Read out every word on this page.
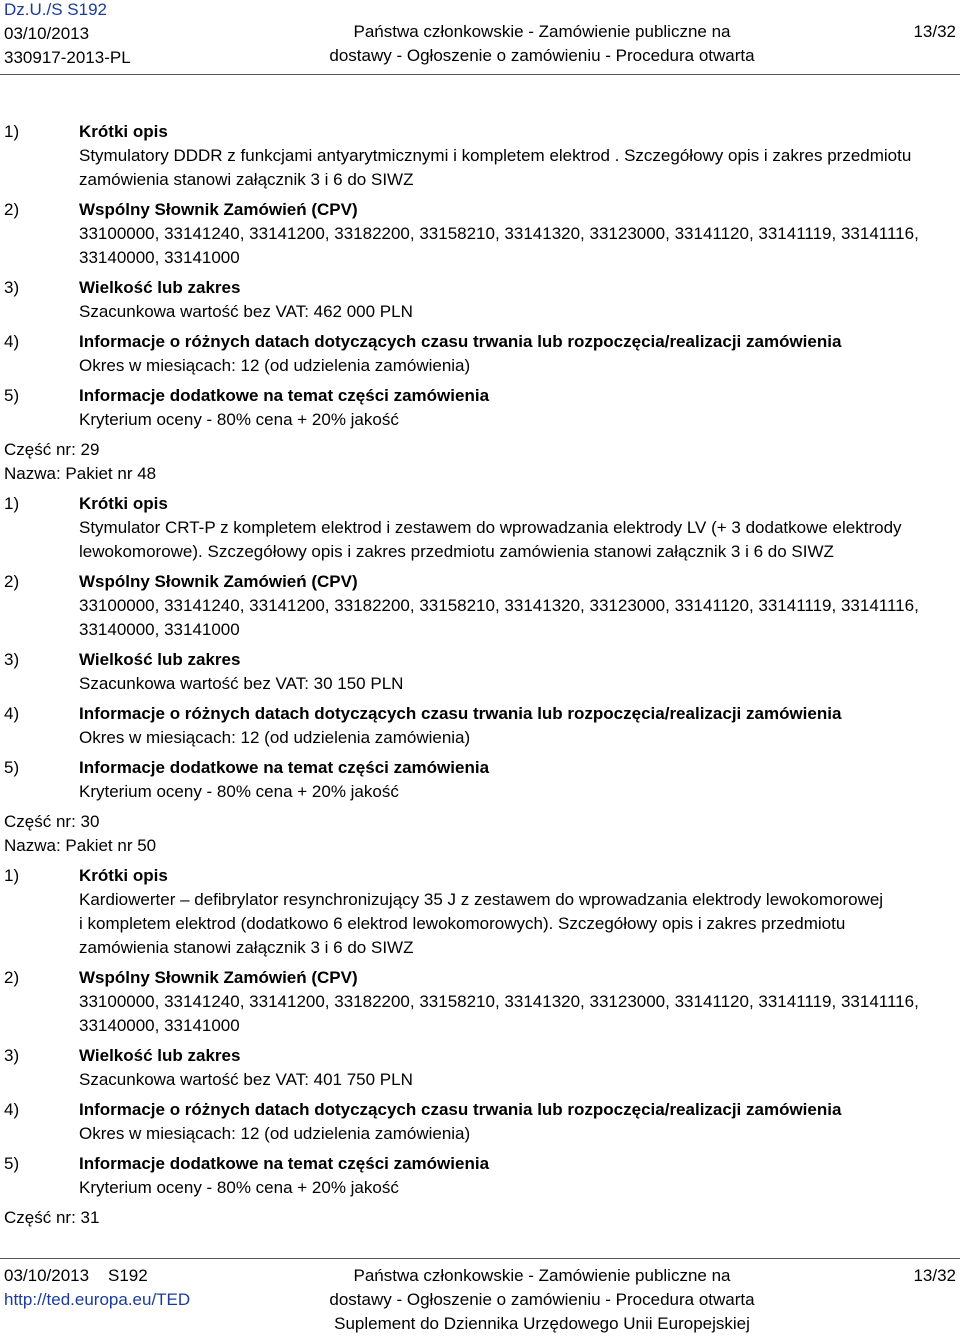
Dz.U./S S192
03/10/2013
330917-2013-PL
Państwa członkowskie - Zamówienie publiczne na
dostawy - Ogłoszenie o zamówieniu - Procedura otwarta
13/32
1)	Krótki opis
Stymulatory DDDR z funkcjami antyarytmicznymi i kompletem elektrod . Szczegółowy opis i zakres przedmiotu
zamówienia stanowi załącznik 3 i 6 do SIWZ
2)	Wspólny Słownik Zamówień (CPV)
33100000, 33141240, 33141200, 33182200, 33158210, 33141320, 33123000, 33141120, 33141119, 33141116,
33140000, 33141000
3)	Wielkość lub zakres
Szacunkowa wartość bez VAT: 462 000 PLN
4)	Informacje o różnych datach dotyczących czasu trwania lub rozpoczęcia/realizacji zamówienia
Okres w miesiącach: 12 (od udzielenia zamówienia)
5)	Informacje dodatkowe na temat części zamówienia
Kryterium oceny - 80% cena + 20% jakość
Część nr: 29
Nazwa: Pakiet nr 48
1)	Krótki opis
Stymulator CRT-P z kompletem elektrod i zestawem do wprowadzania elektrody LV (+ 3 dodatkowe elektrody
lewokomorowe). Szczegółowy opis i zakres przedmiotu zamówienia stanowi załącznik 3 i 6 do SIWZ
2)	Wspólny Słownik Zamówień (CPV)
33100000, 33141240, 33141200, 33182200, 33158210, 33141320, 33123000, 33141120, 33141119, 33141116,
33140000, 33141000
3)	Wielkość lub zakres
Szacunkowa wartość bez VAT: 30 150 PLN
4)	Informacje o różnych datach dotyczących czasu trwania lub rozpoczęcia/realizacji zamówienia
Okres w miesiącach: 12 (od udzielenia zamówienia)
5)	Informacje dodatkowe na temat części zamówienia
Kryterium oceny - 80% cena + 20% jakość
Część nr: 30
Nazwa: Pakiet nr 50
1)	Krótki opis
Kardiowerter – defibrylator resynchronizujący 35 J z zestawem do wprowadzania elektrody lewokomorowej
i kompletem elektrod (dodatkowo 6 elektrod lewokomorowych). Szczegółowy opis i zakres przedmiotu
zamówienia stanowi załącznik 3 i 6 do SIWZ
2)	Wspólny Słownik Zamówień (CPV)
33100000, 33141240, 33141200, 33182200, 33158210, 33141320, 33123000, 33141120, 33141119, 33141116,
33140000, 33141000
3)	Wielkość lub zakres
Szacunkowa wartość bez VAT: 401 750 PLN
4)	Informacje o różnych datach dotyczących czasu trwania lub rozpoczęcia/realizacji zamówienia
Okres w miesiącach: 12 (od udzielenia zamówienia)
5)	Informacje dodatkowe na temat części zamówienia
Kryterium oceny - 80% cena + 20% jakość
Część nr: 31
03/10/2013 S192
http://ted.europa.eu/TED
Państwa członkowskie - Zamówienie publiczne na
dostawy - Ogłoszenie o zamówieniu - Procedura otwarta
Suplement do Dziennika Urzędowego Unii Europejskiej
13/32
